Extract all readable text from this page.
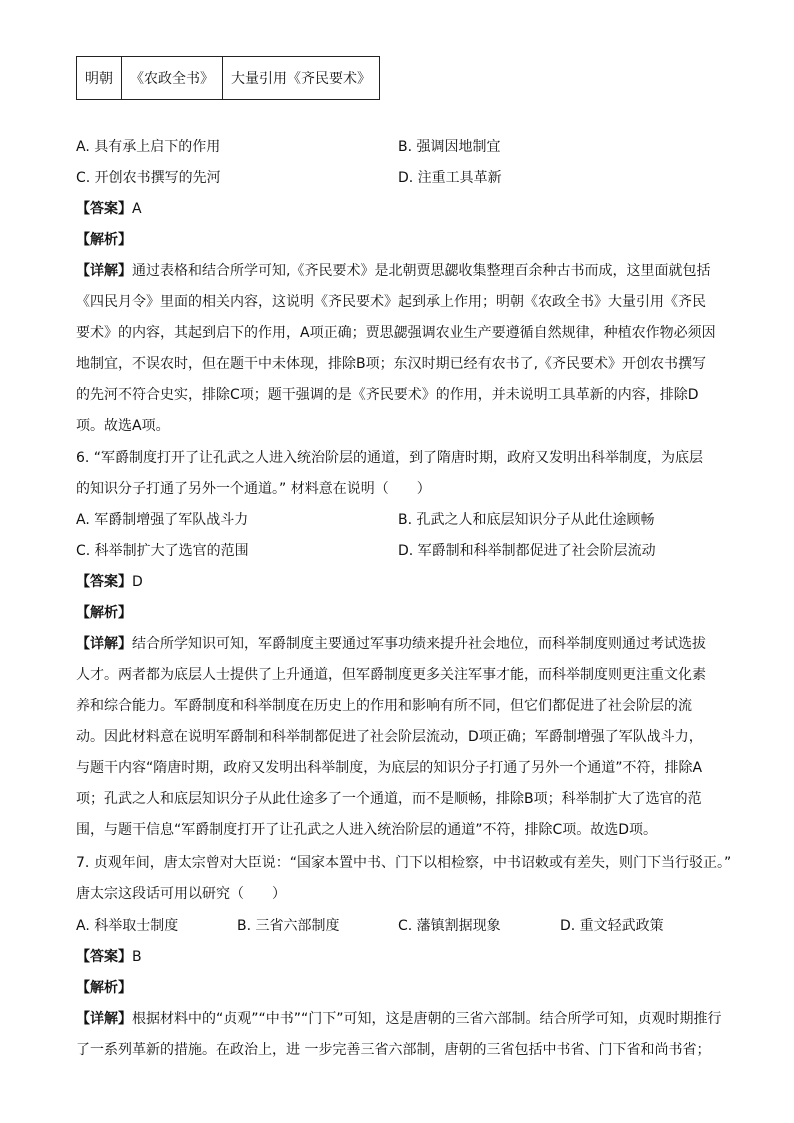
明朝	《农政全书》	大量引用《齐民要术》
A. 具有承上启下的作用	B. 强调因地制宜
C. 开创农书撰写的先河	D. 注重工具革新
【答案】A
【解析】
【详解】通过表格和结合所学可知,《齐民要术》是北朝贾思勰收集整理百余种古书而成，这里面就包括
《四民月令》里面的相关内容，这说明《齐民要术》起到承上作用；明朝《农政全书》大量引用《齐民
要术》的内容，其起到启下的作用，A项正确；贾思勰强调农业生产要遵循自然规律，种植农作物必须因
地制宜，不误农时，但在题干中未体现，排除B项；东汉时期已经有农书了,《齐民要术》开创农书撰写
的先河不符合史实，排除C项；题干强调的是《齐民要术》的作用，并未说明工具革新的内容，排除D
项。故选A项。
6. “军爵制度打开了让孔武之人进入统治阶层的通道，到了隋唐时期，政府又发明出科举制度，为底层
的知识分子打通了另外一个通道。” 材料意在说明（　　）
A. 军爵制增强了军队战斗力	B. 孔武之人和底层知识分子从此仕途顾畅
C. 科举制扩大了选官的范围	D. 军爵制和科举制都促进了社会阶层流动
【答案】D
【解析】
【详解】结合所学知识可知，军爵制度主要通过军事功绩来提升社会地位，而科举制度则通过考试选拔
人才。两者都为底层人士提供了上升通道，但军爵制度更多关注军事才能，而科举制度则更注重文化素
养和综合能力。军爵制度和科举制度在历史上的作用和影响有所不同，但它们都促进了社会阶层的流
动。因此材料意在说明军爵制和科举制都促进了社会阶层流动，D项正确；军爵制增强了军队战斗力，
与题干内容“隋唐时期，政府又发明出科举制度，为底层的知识分子打通了另外一个通道”不符，排除A
项；孔武之人和底层知识分子从此仕途多了一个通道，而不是顺畅，排除B项；科举制扩大了选官的范
围，与题干信息“军爵制度打开了让孔武之人进入统治阶层的通道”不符，排除C项。故选D项。
7. 贞观年间，唐太宗曾对大臣说：“国家本置中书、门下以相检察，中书诏敕或有差失，则门下当行驳正。”
唐太宗这段话可用以研究（　　）
A. 科举取士制度	B. 三省六部制度	C. 藩镇割据现象	D. 重文轻武政策
【答案】B
【解析】
【详解】根据材料中的“贞观”“中书”“门下”可知，这是唐朝的三省六部制。结合所学可知，贞观时期推行
了一系列革新的措施。在政治上，进 一步完善三省六部制，唐朝的三省包括中书省、门下省和尚书省；
